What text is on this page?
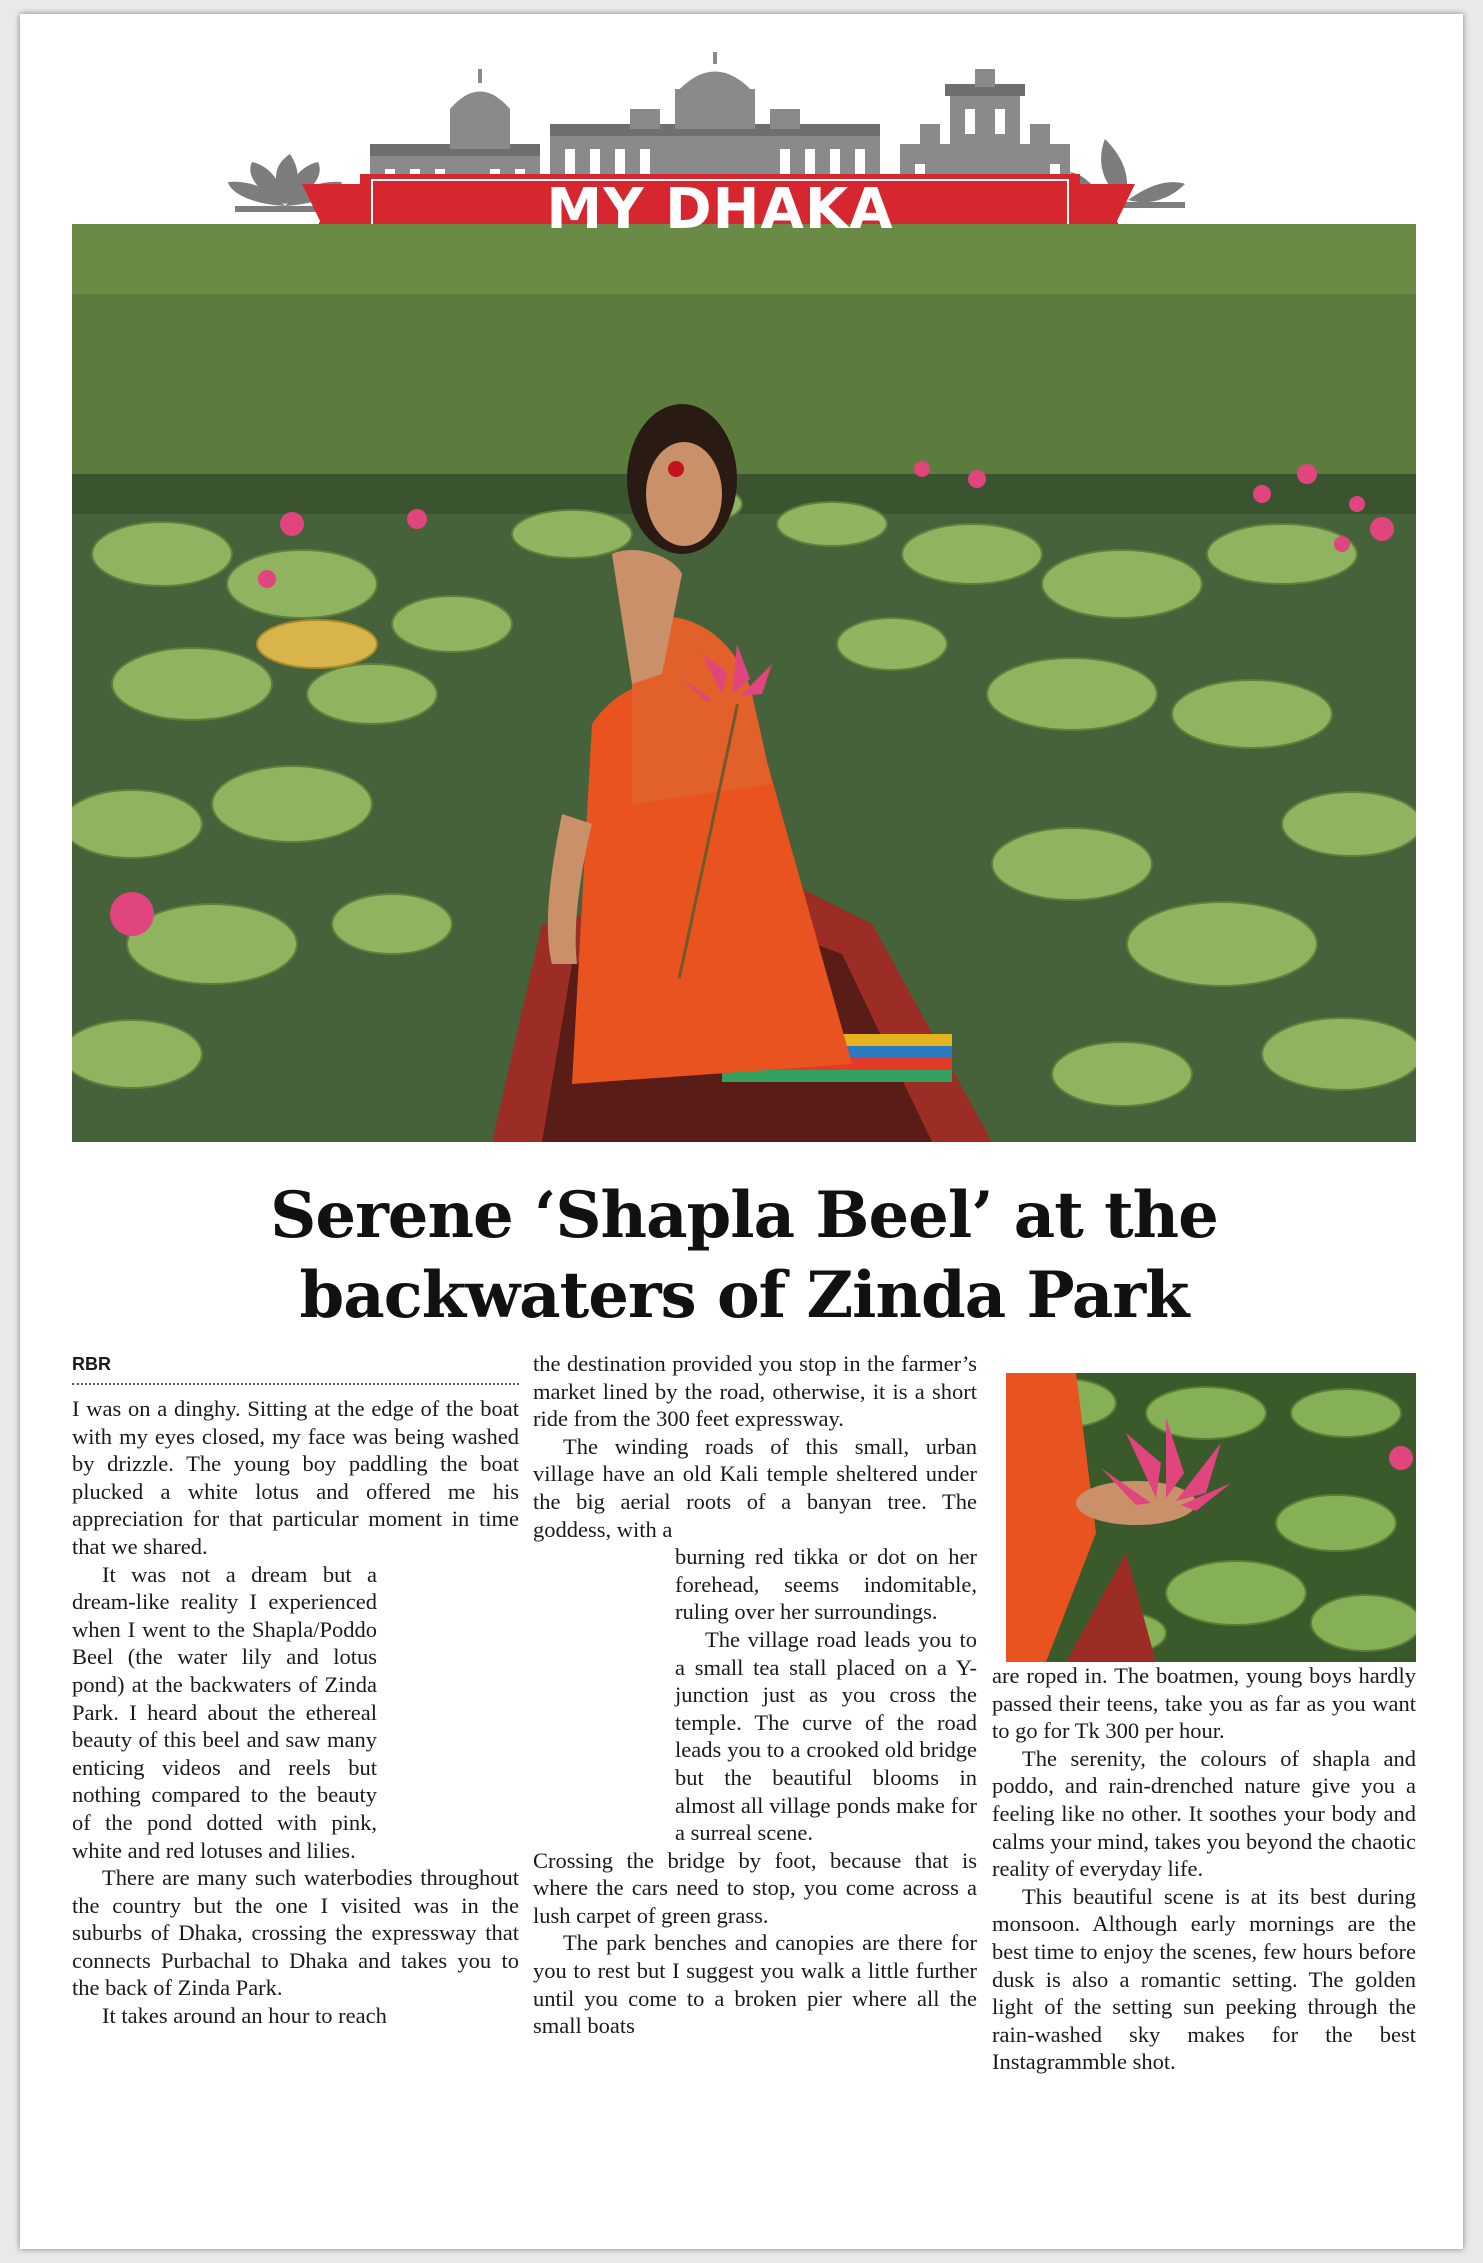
MY DHAKA
Serene ‘Shapla Beel’ at the
backwaters of Zinda Park
RBR

I was on a dinghy. Sitting at the edge of the boat with my eyes closed, my face was being washed by drizzle. The young boy paddling the boat plucked a white lotus and offered me his appreciation for that particular moment in time that we shared.

It was not a dream but a dream-like reality I experienced when I went to the Shapla/Poddo Beel (the water lily and lotus pond) at the backwaters of Zinda Park. I heard about the ethereal beauty of this beel and saw many enticing videos and reels but nothing compared to the beauty of the pond dotted with pink, white and red lotuses and lilies.

There are many such waterbodies throughout the country but the one I visited was in the suburbs of Dhaka, crossing the expressway that connects Purbachal to Dhaka and takes you to the back of Zinda Park.

It takes around an hour to reach

the destination provided you stop in the farmer’s market lined by the road, otherwise, it is a short ride from the 300 feet expressway.

The winding roads of this small, urban village have an old Kali temple sheltered under the big aerial roots of a banyan tree. The goddess, with a

burning red tikka or dot on her forehead, seems indomitable, ruling over her surroundings.

The village road leads you to a small tea stall placed on a Y-junction just as you cross the temple. The curve of the road leads you to a crooked old bridge but the beautiful blooms in almost all village ponds make for a surreal scene.

Crossing the bridge by foot, because that is where the cars need to stop, you come across a lush carpet of green grass.

The park benches and canopies are there for you to rest but I suggest you walk a little further until you come to a broken pier where all the small boats

are roped in. The boatmen, young boys hardly passed their teens, take you as far as you want to go for Tk 300 per hour.

The serenity, the colours of shapla and poddo, and rain-drenched nature give you a feeling like no other. It soothes your body and calms your mind, takes you beyond the chaotic reality of everyday life.

This beautiful scene is at its best during monsoon. Although early mornings are the best time to enjoy the scenes, few hours before dusk is also a romantic setting. The golden light of the setting sun peeking through the rain-washed sky makes for the best Instagrammble shot.
